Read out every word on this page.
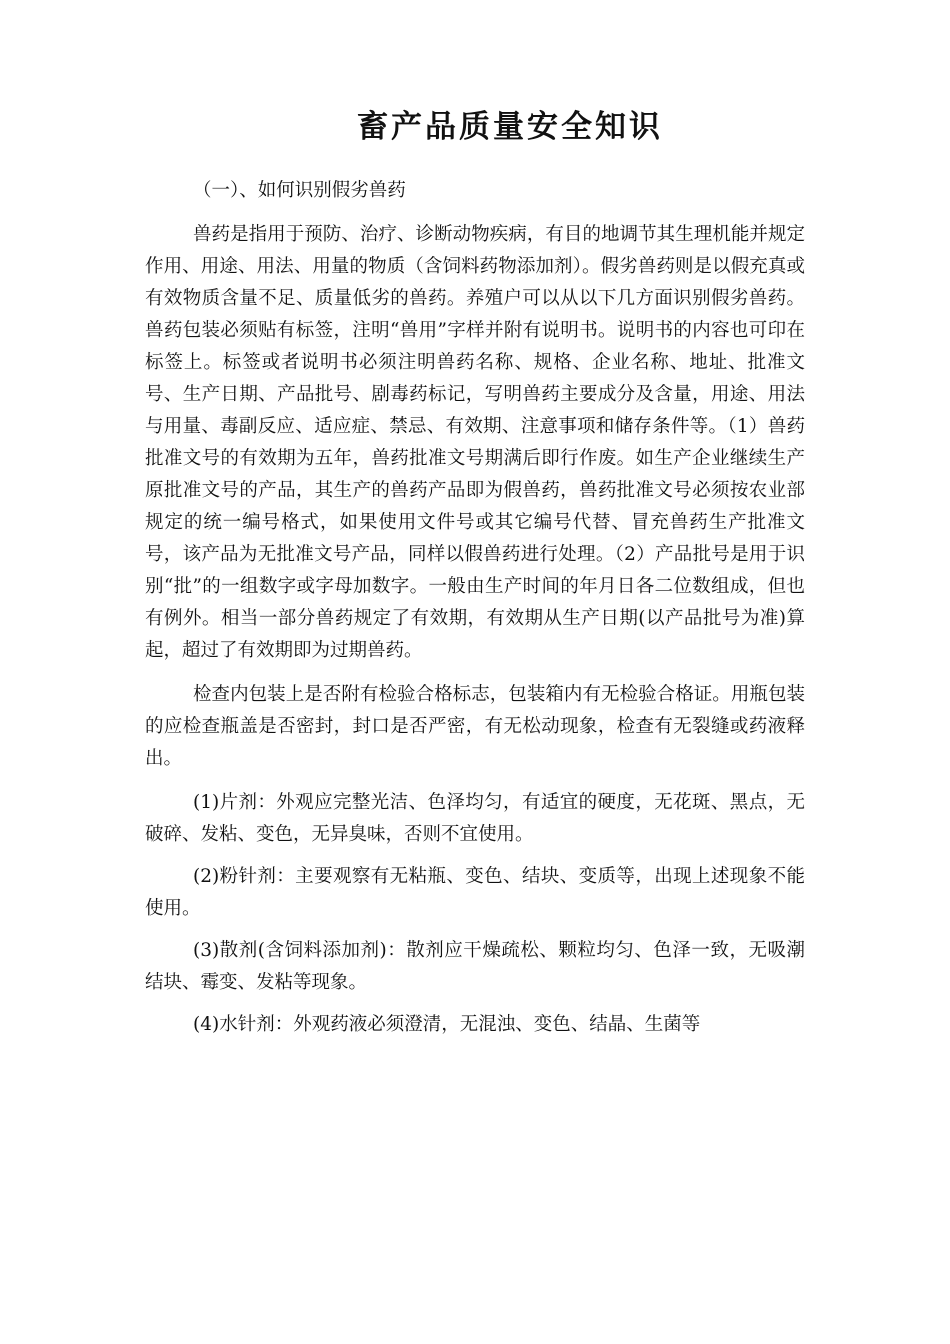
畜产品质量安全知识

（一）、如何识别假劣兽药

兽药是指用于预防、治疗、诊断动物疾病，有目的地调节其生理机能并规定作用、用途、用法、用量的物质（含饲料药物添加剂）。假劣兽药则是以假充真或有效物质含量不足、质量低劣的兽药。养殖户可以从以下几方面识别假劣兽药。兽药包装必须贴有标签，注明“兽用”字样并附有说明书。说明书的内容也可印在标签上。标签或者说明书必须注明兽药名称、规格、企业名称、地址、批准文号、生产日期、产品批号、剧毒药标记，写明兽药主要成分及含量，用途、用法与用量、毒副反应、适应症、禁忌、有效期、注意事项和储存条件等。（1）兽药批准文号的有效期为五年，兽药批准文号期满后即行作废。如生产企业继续生产原批准文号的产品，其生产的兽药产品即为假兽药，兽药批准文号必须按农业部规定的统一编号格式，如果使用文件号或其它编号代替、冒充兽药生产批准文号，该产品为无批准文号产品，同样以假兽药进行处理。（2）产品批号是用于识别“批”的一组数字或字母加数字。一般由生产时间的年月日各二位数组成，但也有例外。相当一部分兽药规定了有效期，有效期从生产日期(以产品批号为准)算起，超过了有效期即为过期兽药。

检查内包装上是否附有检验合格标志，包装箱内有无检验合格证。用瓶包装的应检查瓶盖是否密封，封口是否严密，有无松动现象，检查有无裂缝或药液释出。

(1)片剂：外观应完整光洁、色泽均匀，有适宜的硬度，无花斑、黑点，无破碎、发粘、变色，无异臭味，否则不宜使用。

(2)粉针剂：主要观察有无粘瓶、变色、结块、变质等，出现上述现象不能使用。

(3)散剂(含饲料添加剂)：散剂应干燥疏松、颗粒均匀、色泽一致，无吸潮结块、霉变、发粘等现象。

(4)水针剂：外观药液必须澄清，无混浊、变色、结晶、生菌等
